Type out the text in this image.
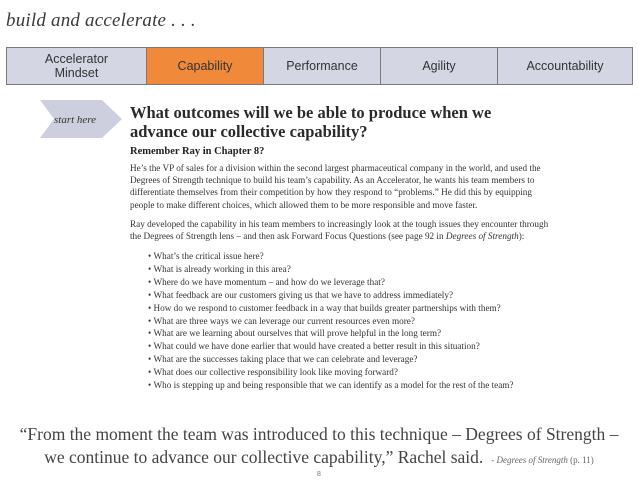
build and accelerate . . .
Accelerator
Mindset	Capability	Performance	Agility	Accountability
start here What outcomes will we be able to produce when we advance our collective capability?
Remember Ray in Chapter 8?
He’s the VP of sales for a division within the second largest pharmaceutical company in the world, and used the Degrees of Strength technique to build his team’s capability. As an Accelerator, he wants his team members to differentiate themselves from their competition by how they respond to “problems.” He did this by equipping people to make different choices, which allowed them to be more responsible and move faster.
Ray developed the capability in his team members to increasingly look at the tough issues they encounter through the Degrees of Strength lens – and then ask Forward Focus Questions (see page 92 in Degrees of Strength):
• What’s the critical issue here?
• What is already working in this area?
• Where do we have momentum – and how do we leverage that?
• What feedback are our customers giving us that we have to address immediately?
• How do we respond to customer feedback in a way that builds greater partnerships with them?
• What are three ways we can leverage our current resources even more?
• What are we learning about ourselves that will prove helpful in the long term?
• What could we have done earlier that would have created a better result in this situation?
• What are the successes taking place that we can celebrate and leverage?
• What does our collective responsibility look like moving forward?
• Who is stepping up and being responsible that we can identify as a model for the rest of the team?
“From the moment the team was introduced to this technique – Degrees of Strength –
we continue to advance our collective capability,” Rachel said. - Degrees of Strength (p. 11)
8
